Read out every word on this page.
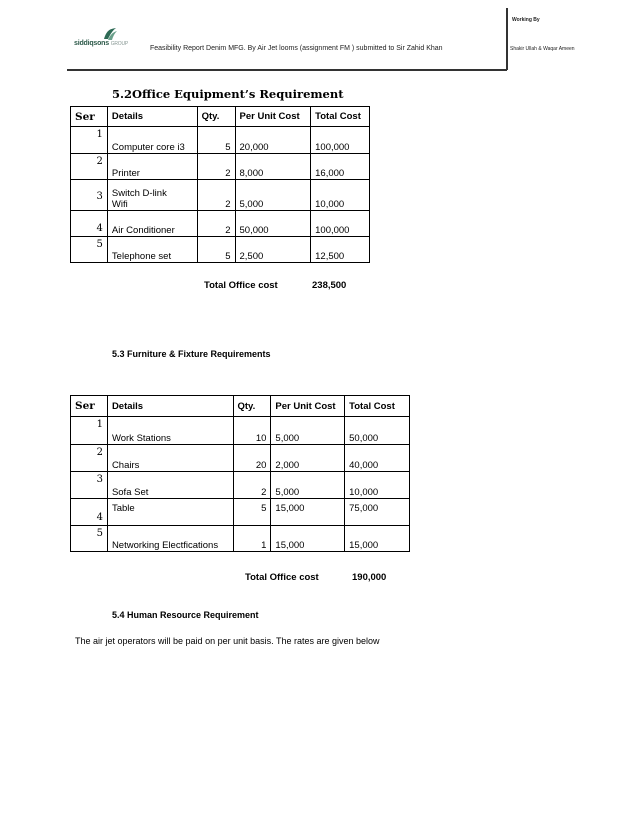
siddiqsons GROUP
Feasibility Report Denim MFG. By Air Jet looms (assignment FM ) submitted to Sir Zahid Khan
Working By
Shakir Ullah & Waqar Ameen
5.2Office Equipment’s Requirement
Ser	Details	Qty.	Per Unit Cost	Total Cost
1	Computer core i3	5	20,000	100,000
2	Printer	2	8,000	16,000
3	Switch D-link
Wifi	2	5,000	10,000
4	Air Conditioner	2	50,000	100,000
5	Telephone set	5	2,500	12,500
Total Office cost	238,500
5.3 Furniture & Fixture Requirements
Ser	Details	Qty.	Per Unit Cost	Total Cost
1	Work Stations	10	5,000	50,000
2	Chairs	20	2,000	40,000
3	Sofa Set	2	5,000	10,000
4	Table	5	15,000	75,000
5	Networking Electfications	1	15,000	15,000
Total Office cost	190,000
5.4 Human Resource Requirement
The air jet operators will be paid on per unit basis. The rates are given below
